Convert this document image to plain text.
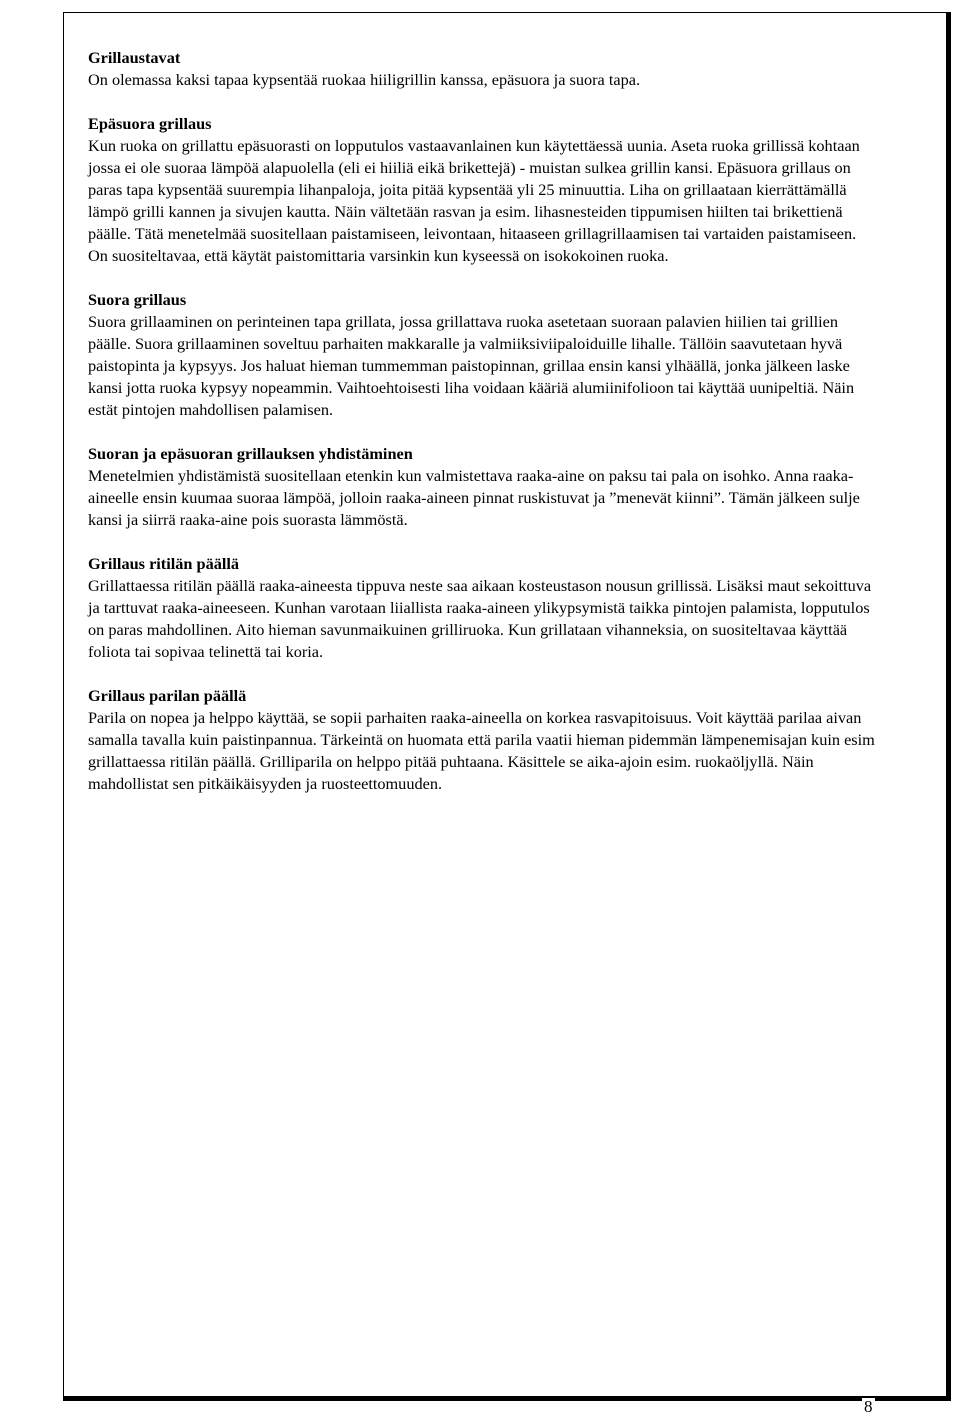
Grillaustavat

On olemassa kaksi tapaa kypsentää ruokaa hiiligrillin kanssa, epäsuora ja suora tapa.

Epäsuora grillaus

Kun ruoka on grillattu epäsuorasti on lopputulos vastaavanlainen kun käytettäessä uunia. Aseta ruoka grillissä kohtaan jossa ei ole suoraa lämpöä alapuolella (eli ei hiiliä eikä brikettejä) - muistan sulkea grillin kansi. Epäsuora grillaus on paras tapa kypsentää suurempia lihanpaloja, joita pitää kypsentää yli 25 minuuttia. Liha on grillaataan kierrättämällä lämpö grilli kannen ja sivujen kautta. Näin vältetään rasvan ja esim. lihasnesteiden tippumisen hiilten tai brikettienä päälle. Tätä menetelmää suositellaan paistamiseen, leivontaan, hitaaseen grillagrillaamisen tai vartaiden paistamiseen. On suositeltavaa, että käytät paistomittaria varsinkin kun kyseessä on isokokoinen ruoka.

Suora grillaus

Suora grillaaminen on perinteinen tapa grillata, jossa grillattava ruoka asetetaan suoraan palavien hiilien tai grillien päälle. Suora grillaaminen soveltuu parhaiten makkaralle ja valmiiksiviipaloiduille lihalle. Tällöin saavutetaan hyvä paistopinta ja kypsyys. Jos haluat hieman tummemman paistopinnan, grillaa ensin kansi ylhäällä, jonka jälkeen laske kansi jotta ruoka kypsyy nopeammin. Vaihtoehtoisesti liha voidaan kääriä alumiinifolioon tai käyttää uunipeltiä. Näin estät pintojen mahdollisen palamisen.

Suoran ja epäsuoran grillauksen yhdistäminen

Menetelmien yhdistämistä suositellaan etenkin kun valmistettava raaka-aine on paksu tai pala on isohko. Anna raaka-aineelle ensin kuumaa suoraa lämpöä, jolloin raaka-aineen pinnat ruskistuvat ja ”menevät kiinni”. Tämän jälkeen sulje kansi ja siirrä raaka-aine pois suorasta lämmöstä.

Grillaus ritilän päällä

Grillattaessa ritilän päällä raaka-aineesta tippuva neste saa aikaan kosteustason nousun grillissä. Lisäksi maut sekoittuva ja tarttuvat raaka-aineeseen. Kunhan varotaan liiallista raaka-aineen ylikypsymistä taikka pintojen palamista, lopputulos on paras mahdollinen. Aito hieman savunmaikuinen grilliruoka. Kun grillataan vihanneksia, on suositeltavaa käyttää foliota tai sopivaa telinettä tai koria.

Grillaus parilan päällä

Parila on nopea ja helppo käyttää, se sopii parhaiten raaka-aineella on korkea rasvapitoisuus. Voit käyttää parilaa aivan samalla tavalla kuin paistinpannua. Tärkeintä on huomata että parila vaatii hieman pidemmän lämpenemisajan kuin esim grillattaessa ritilän päällä. Grilliparila on helppo pitää puhtaana. Käsittele se aika-ajoin esim. ruokaöljyllä. Näin mahdollistat sen pitkäikäisyyden ja ruosteettomuuden.

8
